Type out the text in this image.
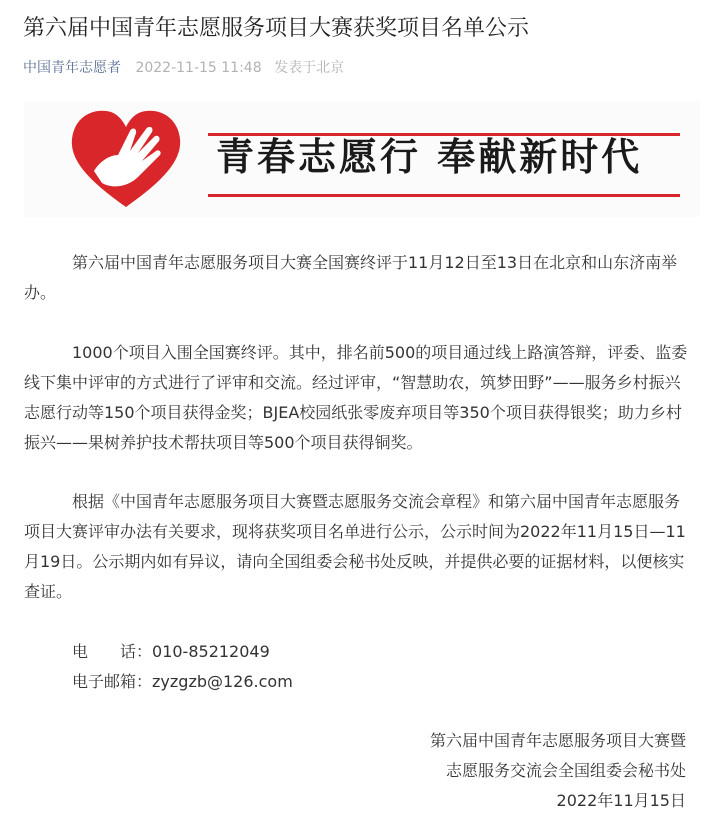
第六届中国青年志愿服务项目大赛获奖项目名单公示
中国青年志愿者 2022-11-15 11:48 发表于北京
青春志愿行 奉献新时代

第六届中国青年志愿服务项目大赛全国赛终评于11月12日至13日在北京和山东济南举办。

1000个项目入围全国赛终评。其中，排名前500的项目通过线上路演答辩，评委、监委线下集中评审的方式进行了评审和交流。经过评审，“智慧助农，筑梦田野”——服务乡村振兴志愿行动等150个项目获得金奖；BJEA校园纸张零废弃项目等350个项目获得银奖；助力乡村振兴——果树养护技术帮扶项目等500个项目获得铜奖。

根据《中国青年志愿服务项目大赛暨志愿服务交流会章程》和第六届中国青年志愿服务项目大赛评审办法有关要求，现将获奖项目名单进行公示，公示时间为2022年11月15日—11月19日。公示期内如有异议，请向全国组委会秘书处反映，并提供必要的证据材料，以便核实查证。

电　　话：010-85212049

电子邮箱：zyzgzb@126.com

第六届中国青年志愿服务项目大赛暨

志愿服务交流会全国组委会秘书处

2022年11月15日
